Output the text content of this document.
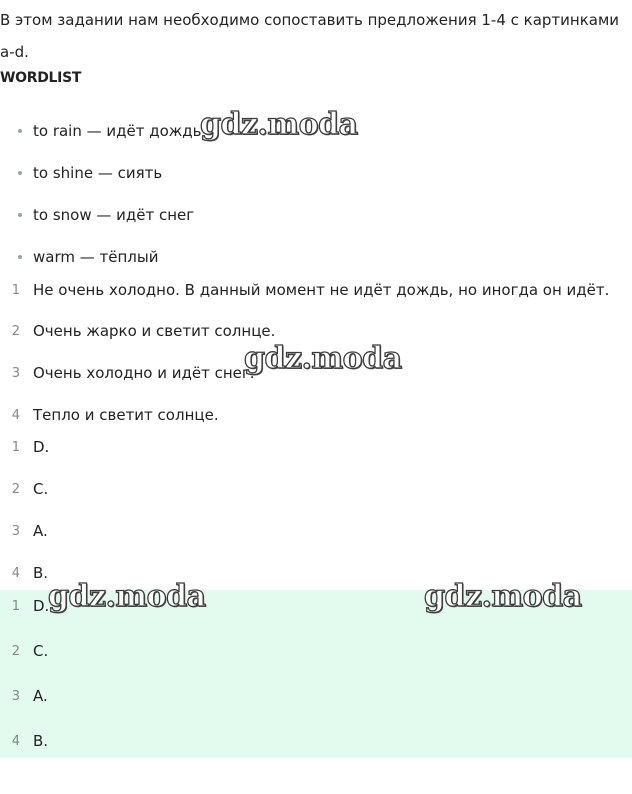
В этом задании нам необходимо сопоставить предложения 1-4 с картинками a-d.

WORDLIST
to rain — идёт дождь
to shine — сиять
to snow — идёт снег
warm — тёплый
1 Не очень холодно. В данный момент не идёт дождь, но иногда он идёт.
2 Очень жарко и светит солнце.
3 Очень холодно и идёт снег.
4 Тепло и светит солнце.
1 D.
2 C.
3 A.
4 B.
1 D.
2 C.
3 A.
4 B.
gdz.moda
gdz.moda
gdz.moda	gdz.moda
